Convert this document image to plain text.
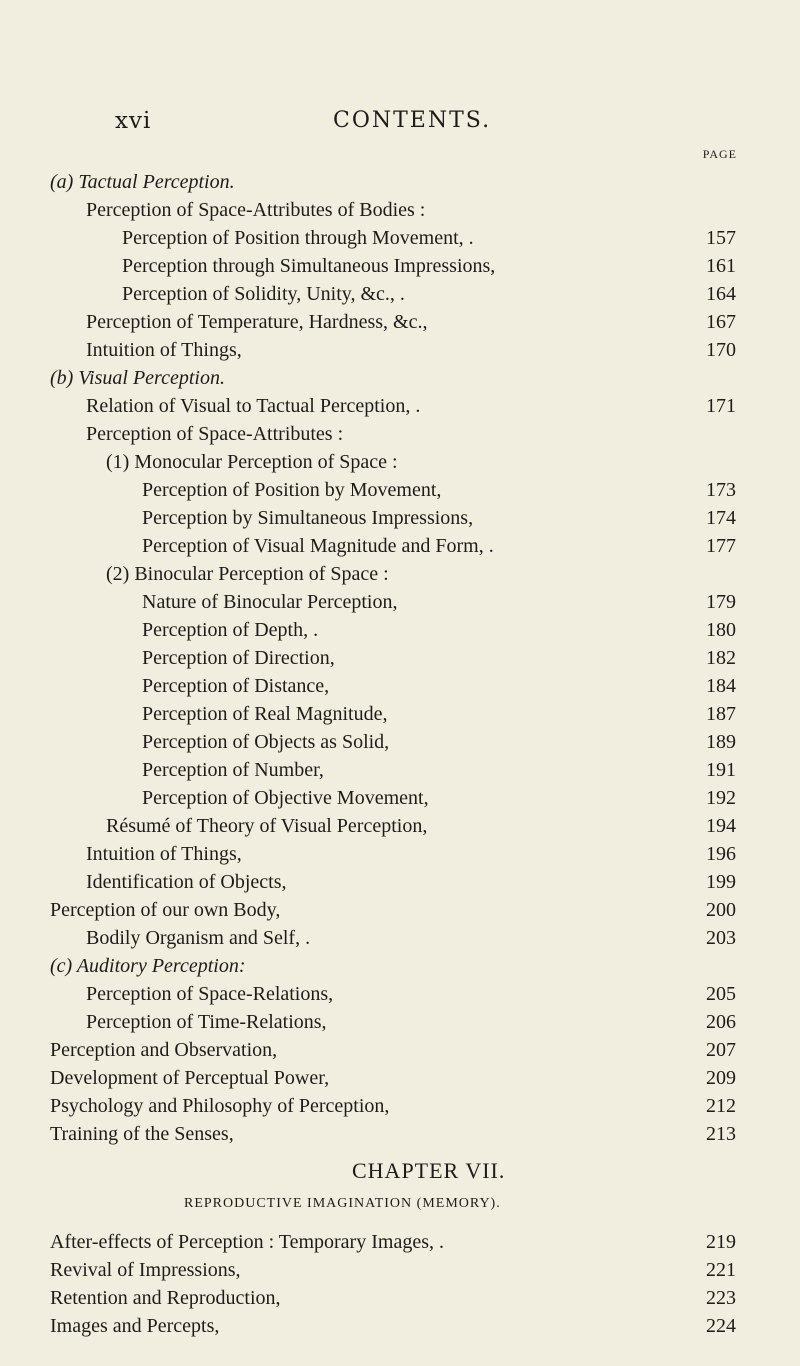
xvi	CONTENTS.
PAGE
(a) Tactual Perception.
Perception of Space-Attributes of Bodies :
Perception of Position through Movement, .	157
Perception through Simultaneous Impressions,	161
Perception of Solidity, Unity, &c., .	164
Perception of Temperature, Hardness, &c.,	167
Intuition of Things,	170
(b) Visual Perception.
Relation of Visual to Tactual Perception, .	171
Perception of Space-Attributes :
(1) Monocular Perception of Space :
Perception of Position by Movement,	173
Perception by Simultaneous Impressions,	174
Perception of Visual Magnitude and Form, .	177
(2) Binocular Perception of Space :
Nature of Binocular Perception,	179
Perception of Depth, .	180
Perception of Direction,	182
Perception of Distance,	184
Perception of Real Magnitude,	187
Perception of Objects as Solid,	189
Perception of Number,	191
Perception of Objective Movement,	192
Résumé of Theory of Visual Perception,	194
Intuition of Things,	196
Identification of Objects,	199
Perception of our own Body,	200
Bodily Organism and Self, .	203
(c) Auditory Perception:
Perception of Space-Relations,	205
Perception of Time-Relations,	206
Perception and Observation,	207
Development of Perceptual Power,	209
Psychology and Philosophy of Perception,	212
Training of the Senses,	213
CHAPTER VII.
REPRODUCTIVE IMAGINATION (MEMORY).
After-effects of Perception : Temporary Images, .	219
Revival of Impressions,	221
Retention and Reproduction,	223
Images and Percepts,	224
